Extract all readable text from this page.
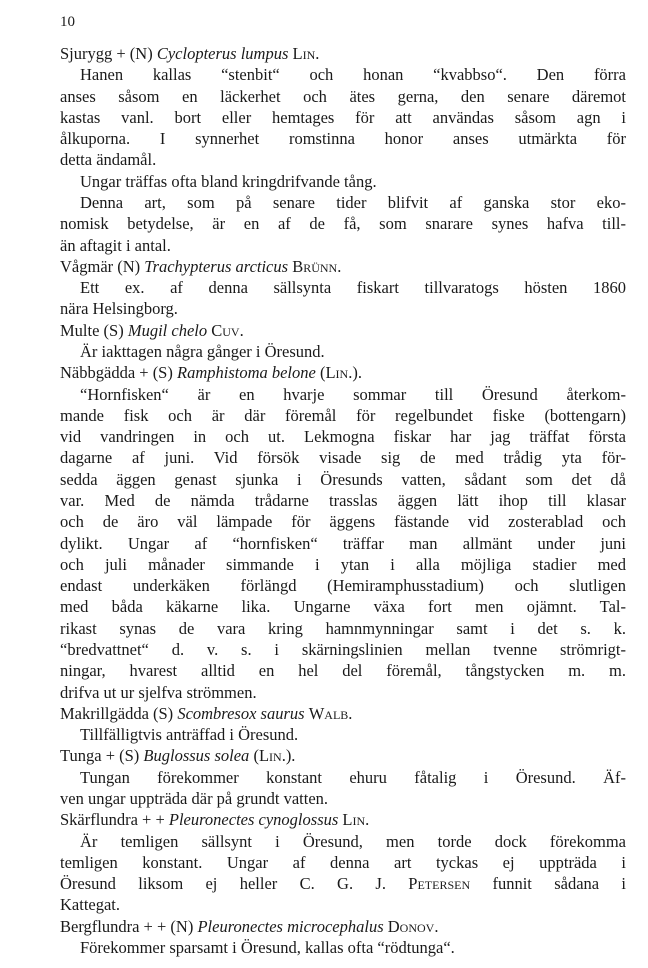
10
Sjurygg + (N) Cyclopterus lumpus Lin.
Hanen kallas “stenbit“ och honan “kvabbso“. Den förra
anses såsom en läckerhet och ätes gerna, den senare däremot
kastas vanl. bort eller hemtages för att användas såsom agn i
ålkuporna. I synnerhet romstinna honor anses utmärkta för
detta ändamål.
Ungar träffas ofta bland kringdrifvande tång.
Denna art, som på senare tider blifvit af ganska stor eko-
nomisk betydelse, är en af de få, som snarare synes hafva till-
än aftagit i antal.
Vågmär (N) Trachypterus arcticus Brünn.
Ett ex. af denna sällsynta fiskart tillvaratogs hösten 1860
nära Helsingborg.
Multe (S) Mugil chelo Cuv.
Är iakttagen några gånger i Öresund.
Näbbgädda + (S) Ramphistoma belone (Lin.).
“Hornfisken“ är en hvarje sommar till Öresund återkom-
mande fisk och är där föremål för regelbundet fiske (bottengarn)
vid vandringen in och ut. Lekmogna fiskar har jag träffat första
dagarne af juni. Vid försök visade sig de med trådig yta för-
sedda äggen genast sjunka i Öresunds vatten, sådant som det då
var. Med de nämda trådarne trasslas äggen lätt ihop till klasar
och de äro väl lämpade för äggens fästande vid zosterablad och
dylikt. Ungar af “hornfisken“ träffar man allmänt under juni
och juli månader simmande i ytan i alla möjliga stadier med
endast underkäken förlängd (Hemiramphusstadium) och slutligen
med båda käkarne lika. Ungarne växa fort men ojämnt. Tal-
rikast synas de vara kring hamnmynningar samt i det s. k.
“bredvattnet“ d. v. s. i skärningslinien mellan tvenne strömrigt-
ningar, hvarest alltid en hel del föremål, tångstycken m. m.
drifva ut ur sjelfva strömmen.
Makrillgädda (S) Scombresox saurus Walb.
Tillfälligtvis anträffad i Öresund.
Tunga + (S) Buglossus solea (Lin.).
Tungan förekommer konstant ehuru fåtalig i Öresund. Äf-
ven ungar uppträda där på grundt vatten.
Skärflundra + + Pleuronectes cynoglossus Lin.
Är temligen sällsynt i Öresund, men torde dock förekomma
temligen konstant. Ungar af denna art tyckas ej uppträda i
Öresund liksom ej heller C. G. J. Petersen funnit sådana i
Kattegat.
Bergflundra + + (N) Pleuronectes microcephalus Donov.
Förekommer sparsamt i Öresund, kallas ofta “rödtunga“.
